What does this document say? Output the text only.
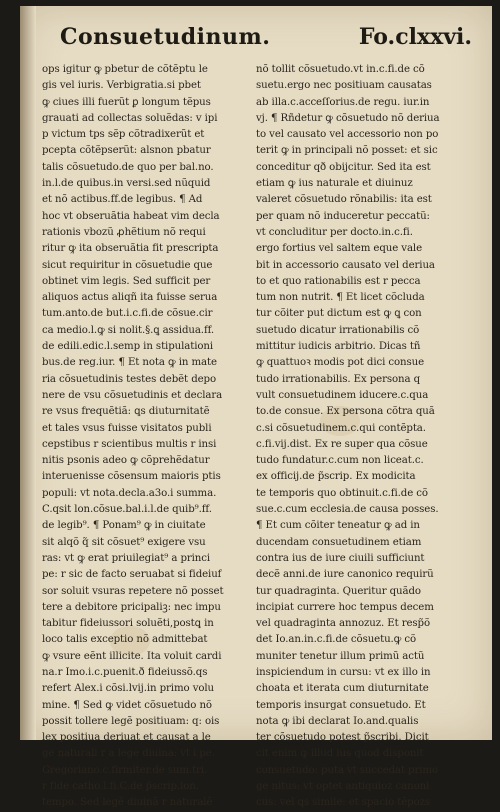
Consuetudinum.	Fo.clxxvi.
ops igitur ꝙ pbetur de cõtẽptu le
gis vel iuris. Verbigratia.si pbet
ꝙ ciues illi fuerũt ꝑ longum tẽpus
grauati ad collectas soluẽdas: v ipi
p victum tps sẽp cõtradixerũt et
pcepta cõtẽpserũt: alsnon pbatur
talis cõsuetudo.de quo per bal.no.
in.l.de quibus.in versi.sed nũquid
et nõ actibus.ff.de legibus. ¶ Ad
hoc vt obseruãtia habeat vim decla
rationis vbozũ ꝓhẽtium nõ requi
ritur ꝙ ita obseruãtia fit prescripta
sicut requiritur in cõsuetudie que
obtinet vim legis. Sed sufficit per
aliquos actus aliqñ ita fuisse serua
tum.anto.de but.i.c.fi.de cõsue.cir
ca medio.l.ꝙ si nolit.§.ꝗ assidua.ff.
de edili.edic.l.semp in stipulationi
bus.de reg.iur. ¶ Et nota ꝙ in mate
ria cõsuetudinis testes debẽt depo
nere de vsu cõsuetudinis et declara
re vsus frequẽtiã: ꝗs diuturnitatẽ
et tales vsus fuisse visitatos publi
cepstibus r scientibus multis r insi
nitis psonis adeo ꝙ cõprehẽdatur
interuenisse cõsensum maioris ptis
populi: vt nota.decla.a3o.i summa.
C.qsit lon.cõsue.bal.i.l.de quib⁹.ff.
de legib⁹. ¶ Ponam⁹ ꝙ in ciuitate
sit alqõ q̃ sit cõsuet⁹ exigere vsu
ras: vt ꝙ erat priuilegiat⁹ a princi
pe: r sic de facto seruabat si fideiuf
sor soluit vsuras repetere nõ posset
tere a debitore pricipaliꝫ: nec impu
tabitur fideiussori soluẽti,postꝗ in
loco talis exceptio nõ admittebat
ꝙ vsure eẽnt illicite. Ita voluit cardi
na.r Imo.i.c.puenit.ð fideiussõ.qs
refert Alex.i cõsi.lvij.in primo volu
mine. ¶ Sed ꝙ videt cõsuetudo nõ
possit tollere legẽ positiuam: q: ois
lex positiua deriuat et causat a le
ge naturali r a lege diuina: vt i pe.
Gregoriano.c.firmiter.de sum.tri.
r fide catho.l.fi.C.de p̃scrip.lon.
tempo. Sed legẽ diuinã r naturalẽ
nõ tollit cõsuetudo.vt in.c.fi.de cõ
suetu.ergo nec positiuam causatas
ab illa.c.acceſſorius.de regu. iur.in
vj. ¶ Rñdetur ꝙ cõsuetudo nõ deriua
to vel causato vel accessorio non po
terit ꝙ in principali nõ posset: et sic
conceditur qð obijcitur. Sed ita est
etiam ꝙ ius naturale et diuinuz
valeret cõsuetudo rõnabilis: ita est
per quam nõ induceretur peccatũ:
vt concluditur per docto.in.c.fi.
ergo fortius vel saltem eque vale
bit in accessorio causato vel deriua
to et quo rationabilis est r pecca
tum non nutrit. ¶ Et licet cõcluda
tur cõiter put dictum est ꝙ ꝗ con
suetudo dicatur irrationabilis cõ
mittitur iudicis arbitrio. Dicas tñ
ꝙ quattuoꝛ modis pot dici consue
tudo irrationabilis. Ex persona q
vult consuetudinem iducere.c.qua
to.de consue. Ex persona cõtra quã
c.si cõsuetudinem.c.qui contẽpta.
c.fi.vij.dist. Ex re super qua cõsue
tudo fundatur.c.cum non liceat.c.
ex officij.de p̃scrip. Ex modicita
te temporis quo obtinuit.c.fi.de cõ
sue.c.cum ecclesia.de causa posses.
¶ Et cum cõiter teneatur ꝙ ad in
ducendam consuetudinem etiam
contra ius de iure ciuili sufficiunt
decẽ anni.de iure canonico requirũ
tur quadraginta. Queritur quãdo
incipiat currere hoc tempus decem
vel quadraginta annozuz. Et resp̃õ
det Io.an.in.c.fi.de cõsuetu.ꝙ cõ
muniter tenetur illum primũ actũ
inspiciendum in cursu: vt ex illo in
choata et iterata cum diuturnitate
temporis insurgat consuetudo. Et
nota ꝙ ibi declarat Io.and.qualis
ter cõsuetudo potest p̃scribi. Dicit
cit enim ꝙ illud ius quod disponit
consuetudo: puta vt succedat primo
ge nitus: vt optet antiquioz canoni
cus: vel ꝗs simile: et spacio tẽpozs
